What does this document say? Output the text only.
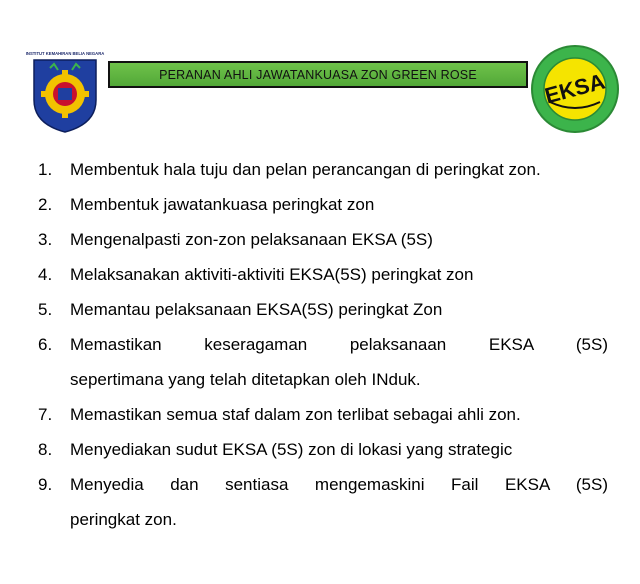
INSTITUT KEMAHIRAN BELIA NEGARA
PERANAN AHLI JAWATANKUASA ZON GREEN ROSE	EKSA
1.	Membentuk hala tuju dan pelan perancangan di peringkat zon.
2.	Membentuk jawatankuasa peringkat zon
3.	Mengenalpasti zon-zon pelaksanaan EKSA (5S)
4.	Melaksanakan aktiviti-aktiviti EKSA(5S) peringkat zon
5.	Memantau pelaksanaan EKSA(5S) peringkat Zon
6.	Memastikan keseragaman pelaksanaan EKSA (5S)
sepertimana yang telah ditetapkan oleh INduk.
7.	Memastikan semua staf dalam zon terlibat sebagai ahli zon.
8.	Menyediakan sudut EKSA (5S) zon di lokasi yang strategic
9.	Menyedia dan sentiasa mengemaskini Fail EKSA (5S)
peringkat zon.
